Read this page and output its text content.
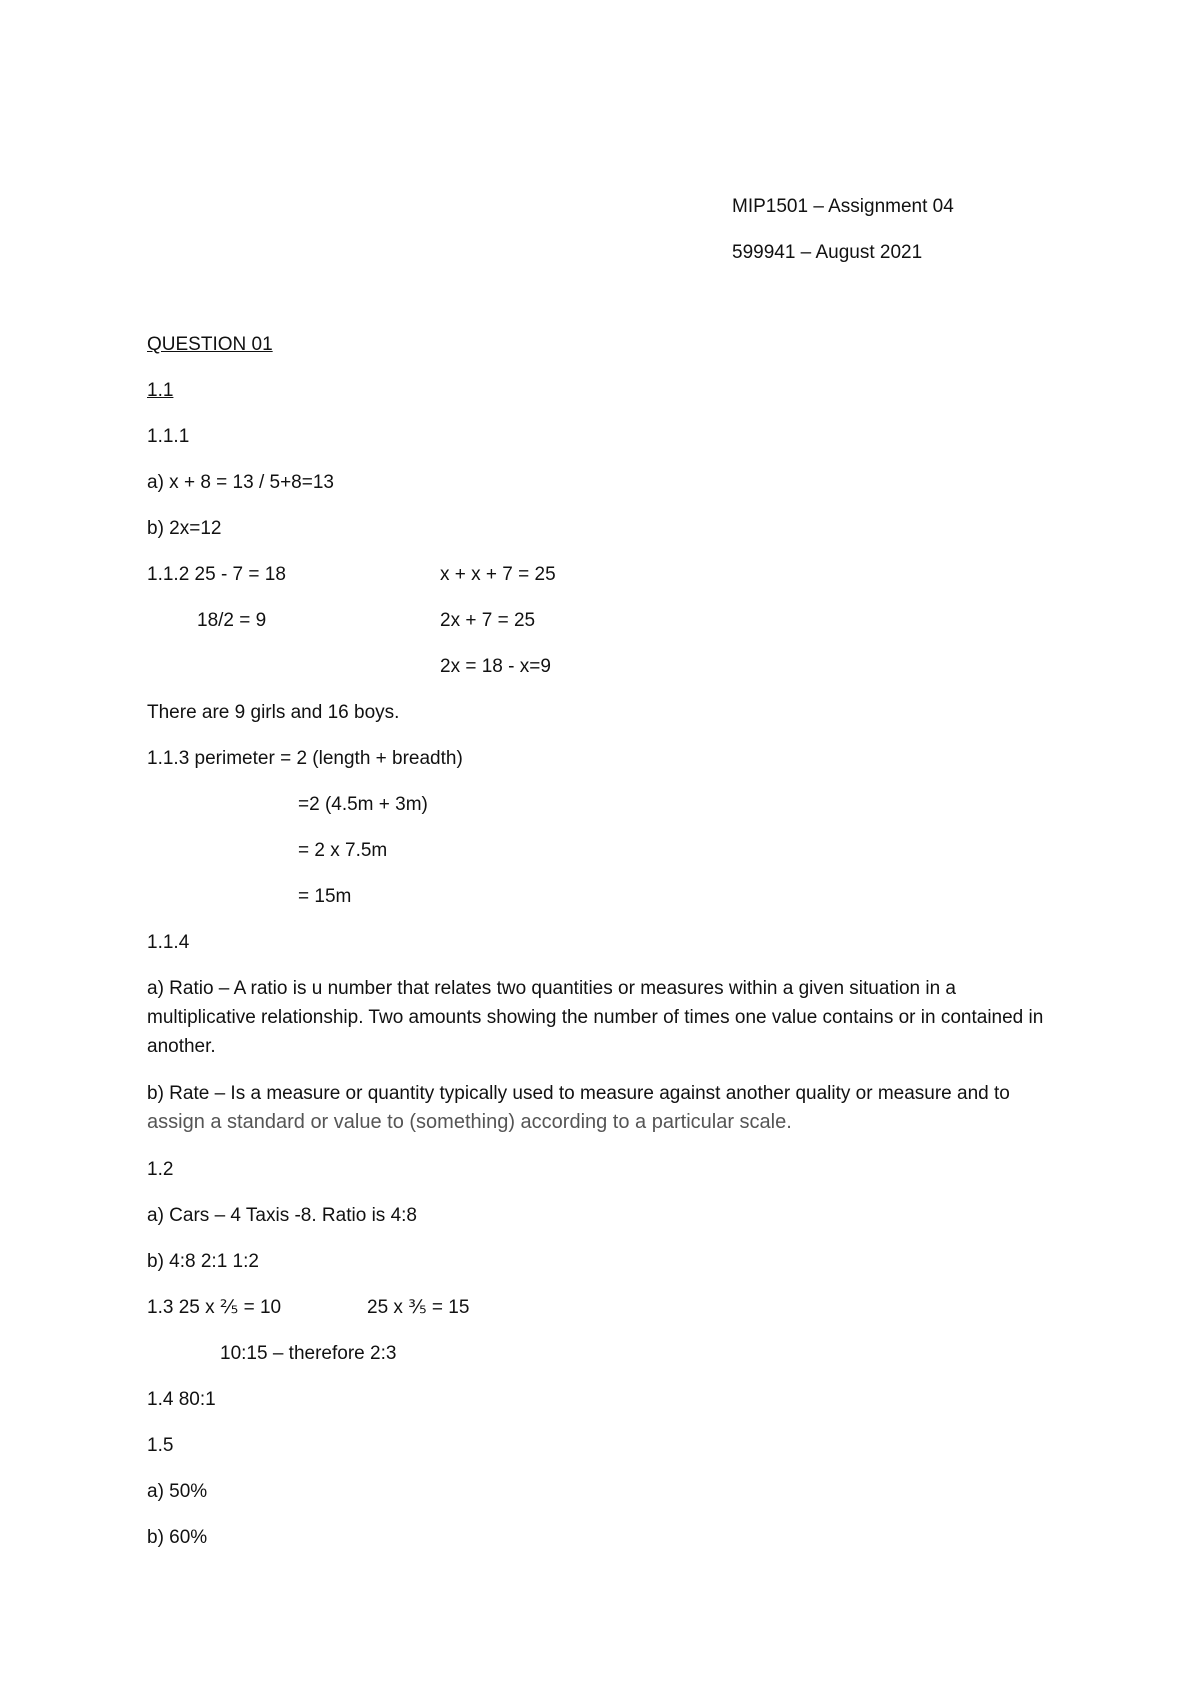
MIP1501 – Assignment 04
599941 – August 2021
QUESTION 01
1.1
1.1.1
a) x + 8 = 13 / 5+8=13
b) 2x=12
1.1.2 25 - 7 = 18	x + x + 7 = 25
18/2 = 9	2x + 7 = 25
2x = 18 - x=9
There are 9 girls and 16 boys.
1.1.3 perimeter = 2 (length + breadth)
=2 (4.5m + 3m)
= 2 x 7.5m
= 15m
1.1.4
a) Ratio – A ratio is u number that relates two quantities or measures within a given situation in a multiplicative relationship. Two amounts showing the number of times one value contains or in contained in another.
b) Rate – Is a measure or quantity typically used to measure against another quality or measure and to assign a standard or value to (something) according to a particular scale.
1.2
a) Cars – 4 Taxis -8. Ratio is 4:8
b) 4:8 2:1 1:2
1.3 25 x ⅖ = 10	25 x ⅗ = 15
10:15 – therefore 2:3
1.4 80:1
1.5
a) 50%
b) 60%
